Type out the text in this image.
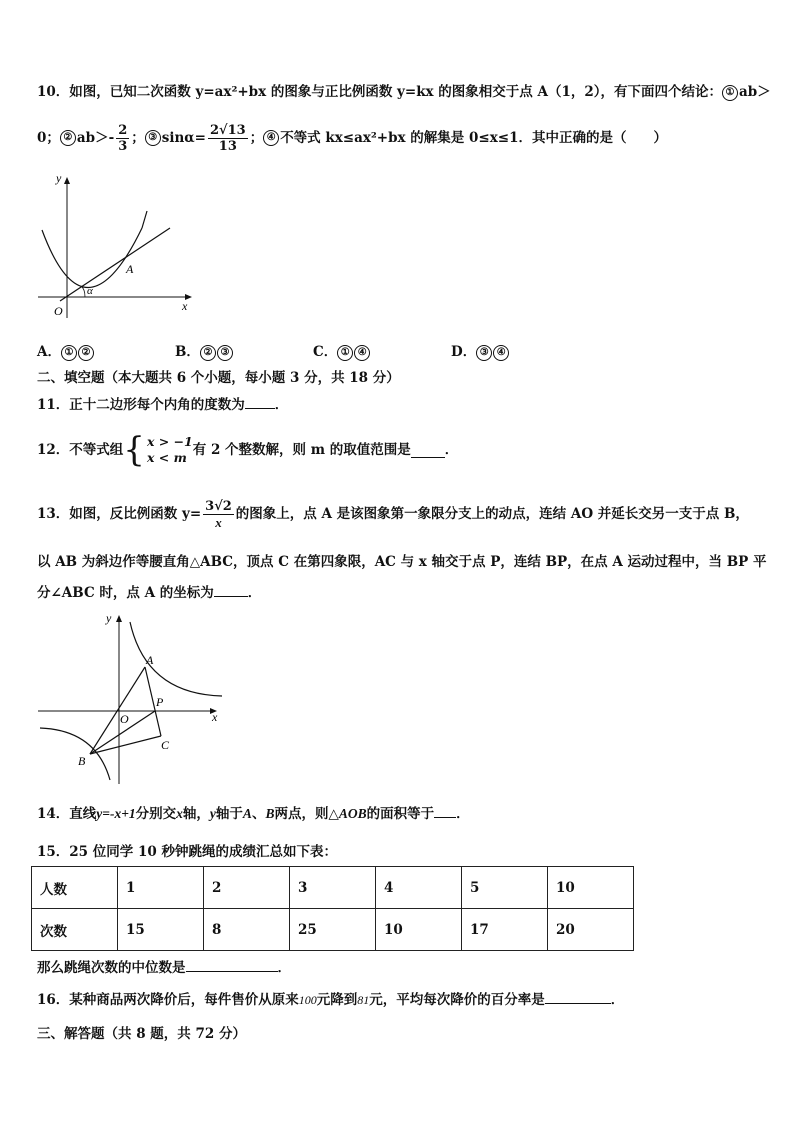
10．如图，已知二次函数 y=ax²+bx 的图象与正比例函数 y=kx 的图象相交于点 A（1，2），有下面四个结论： ① ab＞
0； ② $ab>- \frac{2}{3}$ ； ③ $\sin\alpha= \frac{2√13}{13}$ ； ④ 不等式 kx≤ax²+bx 的解集是 0≤x≤1．其中正确的是（　　）
y
x
O
A
α
A． ① ②	B． ② ③	C． ① ④	D． ③ ④
二、填空题（本大题共 6 个小题，每小题 3 分，共 18 分）
11．正十二边形每个内角的度数为 ．
12．不等式组 { x > −1
x < m 有 2 个整数解，则 m 的取值范围是	．
13．如图，反比例函数 $y= \frac{3√2}{x}$ 的图象上，点 A 是该图象第一象限分支上的动点，连结 AO 并延长交另一支于点 B，
以 AB 为斜边作等腰直角△ABC，顶点 C 在第四象限，AC 与 x 轴交于点 P，连结 BP，在点 A 运动过程中，当 BP 平
分∠ABC 时，点 A 的坐标为	．
y
x
O
A
B
C
P
14．直线y=-x+1分别交x轴，y轴于A、B两点，则△AOB的面积等于 ．
15．25 位同学 10 秒钟跳绳的成绩汇总如下表：
人数	1	2	3	4	5	10
次数	15	8	25	10	17	20
那么跳绳次数的中位数是	．
16．某种商品两次降价后，每件售价从原来100元降到81元，平均每次降价的百分率是	．
三、解答题（共 8 题，共 72 分）
